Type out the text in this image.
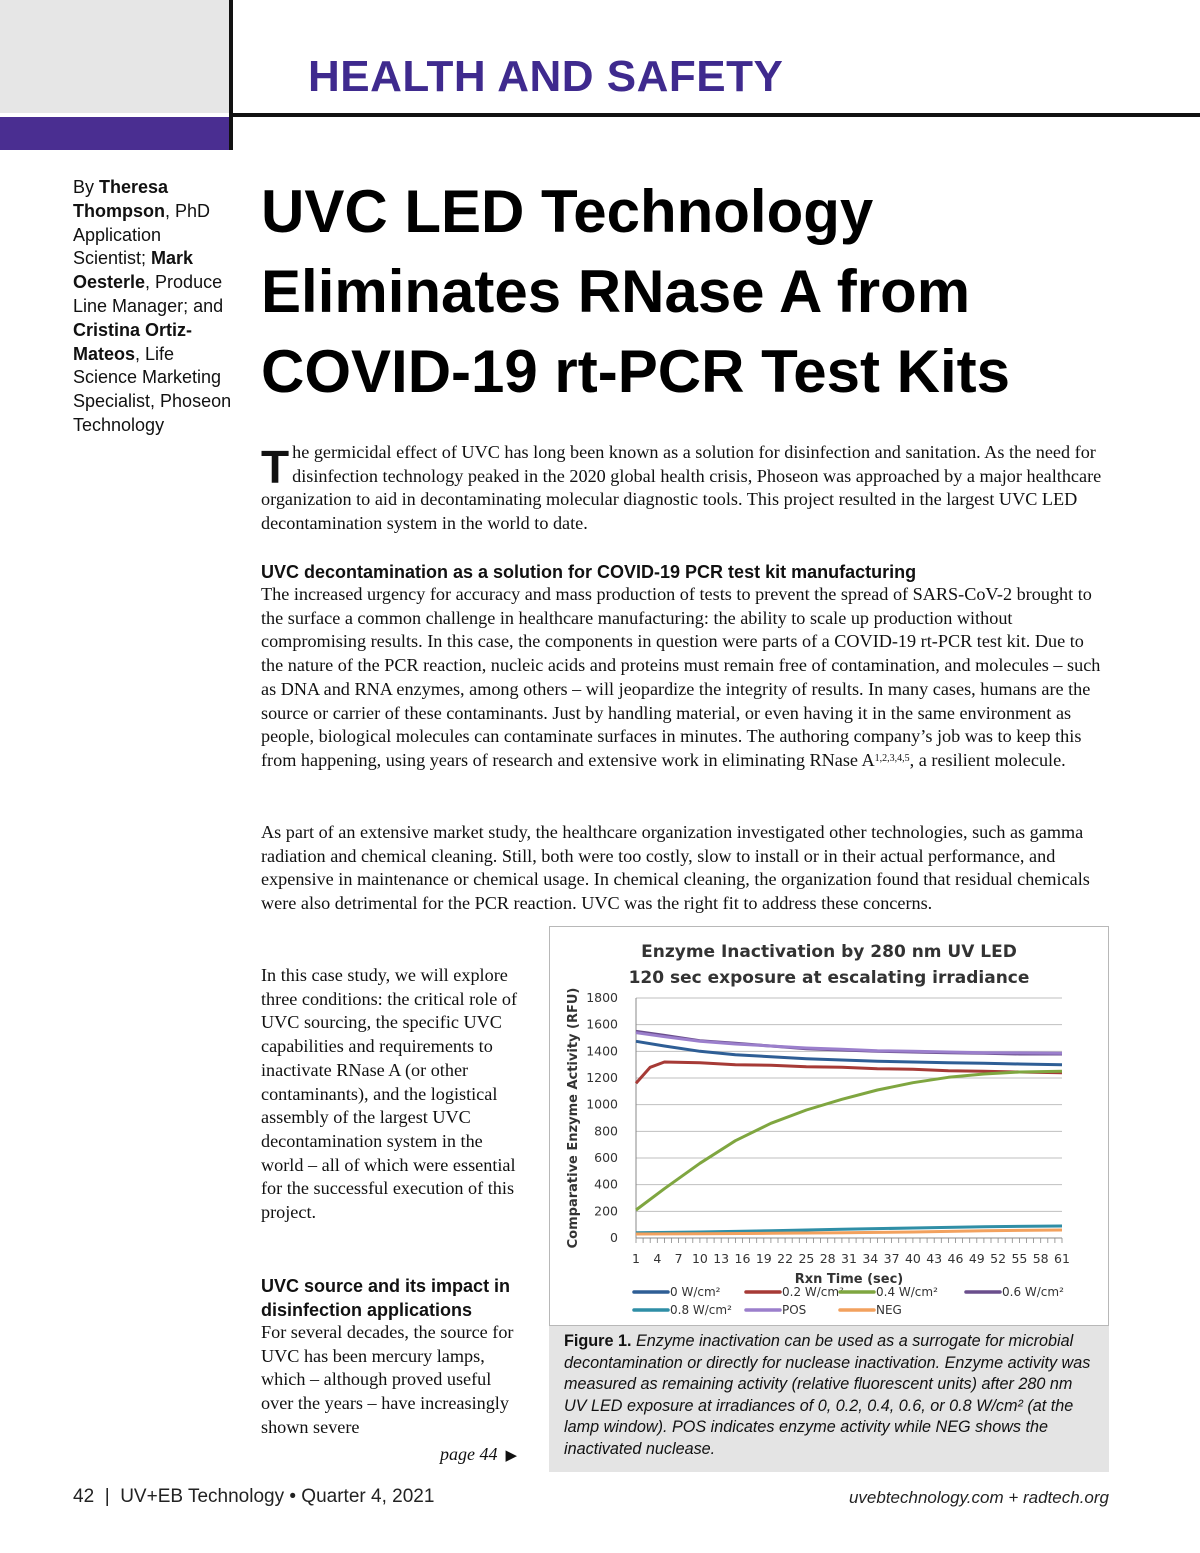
HEALTH AND SAFETY
By Theresa Thompson, PhD Application Scientist; Mark Oesterle, Produce Line Manager; and Cristina Ortiz-Mateos, Life Science Marketing Specialist, Phoseon Technology
UVC LED Technology Eliminates RNase A from COVID-19 rt-PCR Test Kits

The germicidal effect of UVC has long been known as a solution for disinfection and sanitation. As the need for disinfection technology peaked in the 2020 global health crisis, Phoseon was approached by a major healthcare organization to aid in decontaminating molecular diagnostic tools. This project resulted in the largest UVC LED decontamination system in the world to date.

UVC decontamination as a solution for COVID-19 PCR test kit manufacturing

The increased urgency for accuracy and mass production of tests to prevent the spread of SARS-CoV-2 brought to the surface a common challenge in healthcare manufacturing: the ability to scale up production without compromising results. In this case, the components in question were parts of a COVID-19 rt-PCR test kit. Due to the nature of the PCR reaction, nucleic acids and proteins must remain free of contamination, and molecules – such as DNA and RNA enzymes, among others – will jeopardize the integrity of results. In many cases, humans are the source or carrier of these contaminants. Just by handling material, or even having it in the same environment as people, biological molecules can contaminate surfaces in minutes. The authoring company’s job was to keep this from happening, using years of research and extensive work in eliminating RNase A$^{1,2,3,4,5}$, a resilient molecule.

As part of an extensive market study, the healthcare organization investigated other technologies, such as gamma radiation and chemical cleaning. Still, both were too costly, slow to install or in their actual performance, and expensive in maintenance or chemical usage. In chemical cleaning, the organization found that residual chemicals were also detrimental for the PCR reaction. UVC was the right fit to address these concerns.

In this case study, we will explore three conditions: the critical role of UVC sourcing, the specific UVC capabilities and requirements to inactivate RNase A (or other contaminants), and the logistical assembly of the largest UVC decontamination system in the world – all of which were essential for the successful execution of this project.

UVC source and its impact in disinfection applications

For several decades, the source for UVC has been mercury lamps, which – although proved useful over the years – have increasingly shown severe

page 44 ▶
Enzyme Inactivation by 280 nm UV LED
120 sec exposure at escalating irradiance
0
200
400
600
800
1000
1200
1400
1600
1800
1 4 7 10 13 16 19 22 25 28 31 34 37 40 43 46 49 52 55 58 61
Rxn Time (sec)
Comparative Enzyme Activity (RFU)
0 W/cm²	0.2 W/cm²	0.4 W/cm²	0.6 W/cm²
0.8 W/cm²	POS	NEG

Figure 1. Enzyme inactivation can be used as a surrogate for microbial decontamination or directly for nuclease inactivation. Enzyme activity was measured as remaining activity (relative fluorescent units) after 280 nm UV LED exposure at irradiances of 0, 0.2, 0.4, 0.6, or 0.8 W/cm² (at the lamp window). POS indicates enzyme activity while NEG shows the inactivated nuclease.

42 | UV+EB Technology • Quarter 4, 2021	uvebtechnology.com + radtech.org
